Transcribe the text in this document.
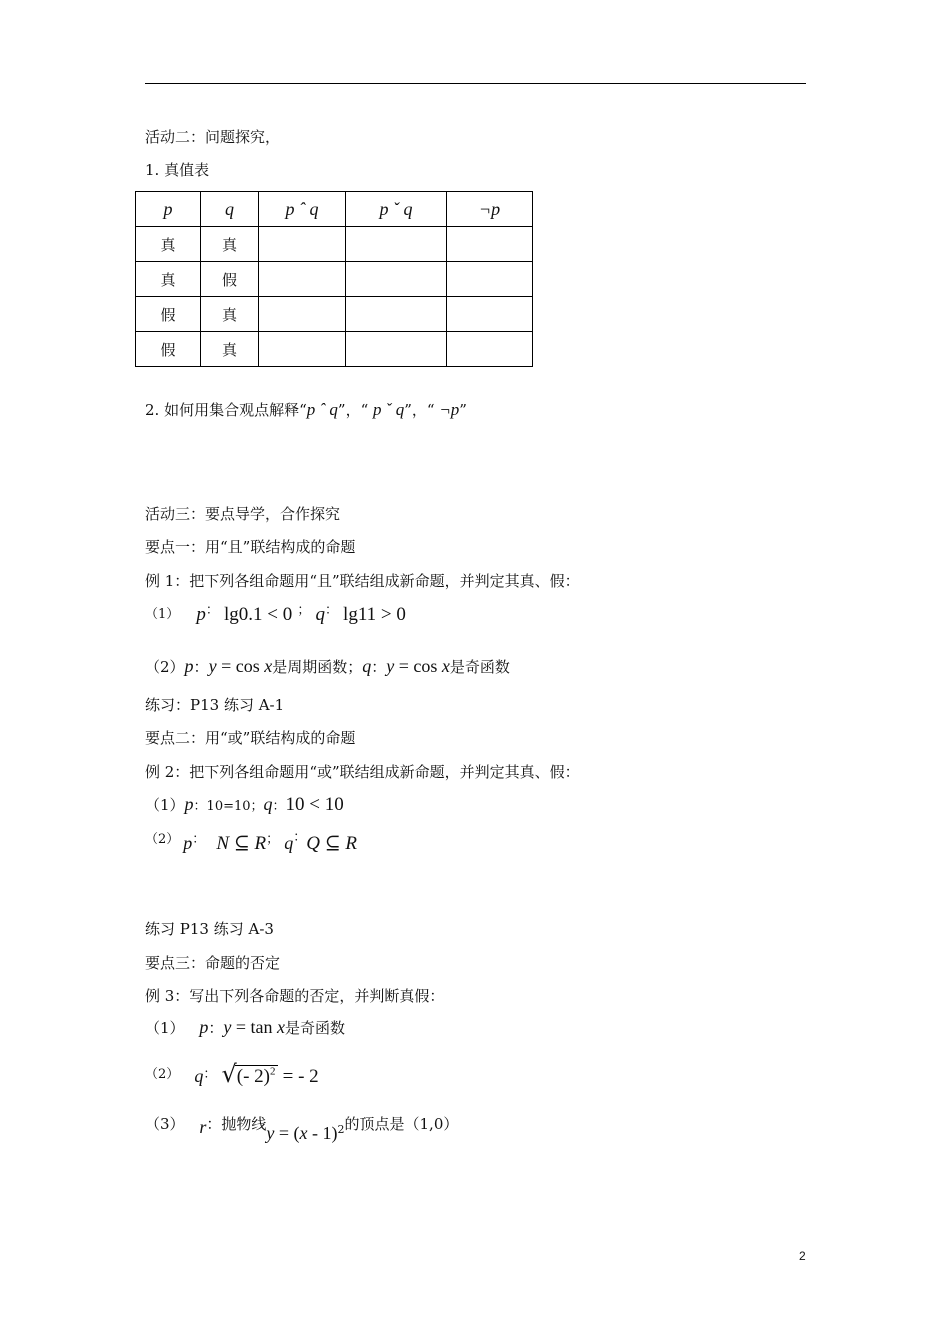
活动二：问题探究，
1. 真值表
p	q	p ˆ q	p ˇ q	¬p
真	真			
真	假			
假	真			
假	真			
2. 如何用集合观点解释“p ˆ q”，“ p ˇ q”，“ ¬p”
活动三：要点导学，合作探究
要点一：用“且”联结构成的命题
例 1：把下列各组命题用“且”联结组成新命题，并判定其真、假：
（1） p： lg0.1 < 0 ； q： lg11 > 0
（2）p：y = cos x是周期函数；q：y = cos x是奇函数
练习：P13 练习 A-1
要点二：用“或”联结构成的命题
例 2：把下列各组命题用“或”联结组成新命题，并判定其真、假：
（1）p：10=10；q：10 < 10
$^{(2)}$ p： N ⊆ R； q：Q ⊆ R
练习 P13 练习 A-3
要点三：命题的否定
例 3：写出下列各命题的否定，并判断真假：
（1） p：y = tan x是奇函数
$^{(2)}$ q： √(- 2)$^2$ = - 2
（3） r：抛物线y = (x - 1)$^2$的顶点是（1,0）
2
